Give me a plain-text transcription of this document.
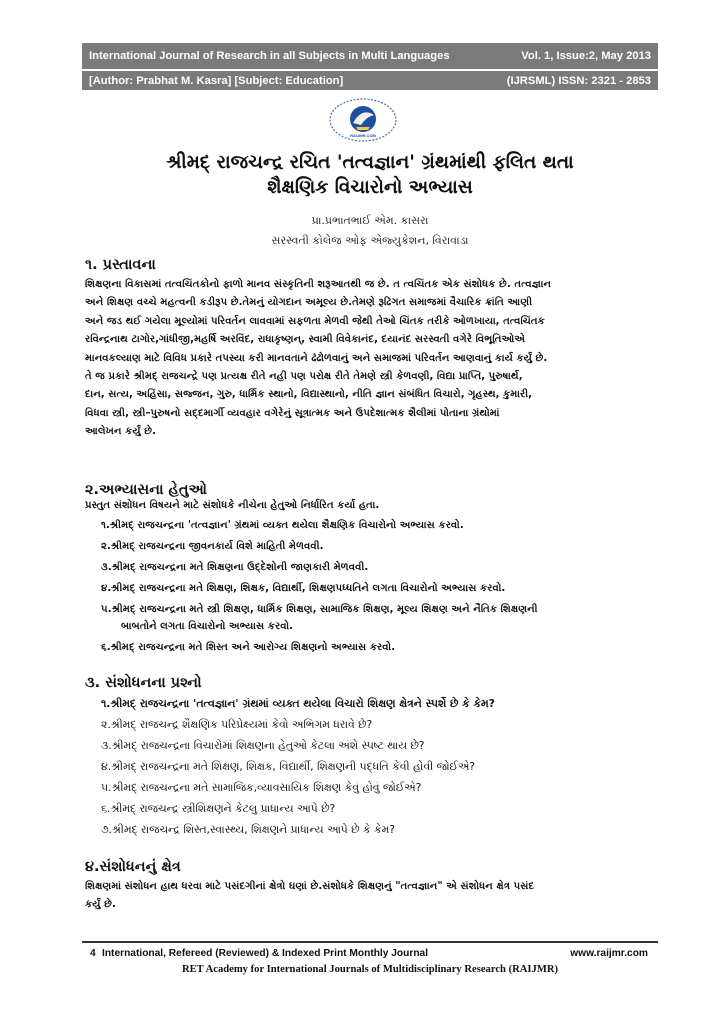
International Journal of Research in all Subjects in Multi Languages	Vol. 1, Issue:2, May 2013
[Author: Prabhat M. Kasra] [Subject: Education]	(IJRSML) ISSN: 2321 - 2853
RAIJMR.COM
શ્રીમદ્ રાજચન્દ્ર રચિત 'તત્વજ્ઞાન' ગ્રંથમાંથી ફલિત થતા
શૈક્ષણિક વિચારોનો અભ્યાસ
પ્રા.પ્રભાતભાઈ એમ. કાસરા
સરસ્વતી કોલેજ ઓફ એજ્યુકેશન, વિરાવાડા
૧. પ્રસ્તાવના
શિક્ષણના વિકાસમાં તત્વચિંતકોનો ફાળો માનવ સંસ્કૃતિની શરૂઆતથી જ છે. ત ત્વચિંતક એક સંશોધક છે. તત્વજ્ઞાન
અને શિક્ષણ વચ્ચે મહત્વની કડીરૂપ છે.તેમનું યોગદાન અમૂલ્ય છે.તેમણે રૂઢિગત સમાજમાં વૈચારિક ક્રાંતિ આણી
અને જડ થઈ ગયેલા મૂલ્યોમાં પરિવર્તન લાવવામાં સફળતા મેળવી જેથી તેઓ ચિંતક તરીકે ઓળખાયા, તત્વચિંતક
રવિન્દ્રનાથ ટાગોર,ગાંધીજી,મહર્ષિ અરવિંદ, રાધાકૃષ્ણન્, સ્વામી વિવેકાનંદ, દયાનંદ સરસ્વતી વગેરે વિભૂતિઓએ
માનવકલ્યાણ માટે વિવિધ પ્રકારે તપસ્યા કરી માનવતાને ઢંઢોળવાનું અને સમાજમાં પરિવર્તન આણવાનું કાર્ય કર્યું છે.
તે જ પ્રકારે શ્રીમદ્ રાજચન્દ્રે પણ પ્રત્યક્ષ રીતે નહી પણ પરોક્ષ રીતે તેમણે સ્ત્રી કેળવણી, વિદ્યા પ્રાપ્તિ, પુરુષાર્થ,
દાન, સત્ય, અહિંસા, સજ્જન, ગુરુ, ધાર્મિક સ્થાનો, વિદ્યાસ્થાનો, નીતિ જ્ઞાન સંબંધિત વિચારો, ગૃહસ્થ, કુમારી,
વિધવા સ્ત્રી, સ્ત્રી–પુરુષનો સદ્દમાર્ગી વ્યવહાર વગેરેનું સૂત્રાત્મક અને ઉપદેશાત્મક શૈલીમાં પોતાના ગ્રંથોમાં
આલેખન કર્યું છે.
૨.અભ્યાસના હેતુઓ
પ્રસ્તુત સંશોધન વિષયને માટે સંશોધકે નીચેના હેતુઓ નિર્ધારિત કર્યા હતા.
૧.શ્રીમદ્ રાજચન્દ્રના 'તત્વજ્ઞાન' ગ્રંથમાં વ્યક્ત થયેલા શૈક્ષણિક વિચારોનો અભ્યાસ કરવો.
૨.શ્રીમદ્ રાજચન્દ્રના જીવનકાર્ય વિશે માહિતી મેળવવી.
૩.શ્રીમદ્ રાજચન્દ્રના મતે શિક્ષણના ઉદ્દેશોની જાણકારી મેળવવી.
૪.શ્રીમદ્ રાજચન્દ્રના મતે શિક્ષણ, શિક્ષક, વિદ્યાર્થી, શિક્ષણપધ્ધતિને લગતા વિચારોનો અભ્યાસ કરવો.
૫.શ્રીમદ્ રાજચન્દ્રના મતે સ્ત્રી શિક્ષણ, ધાર્મિક શિક્ષણ, સામાજિક શિક્ષણ, મૂલ્ય શિક્ષણ અને નૈતિક શિક્ષણની
બાબતોને લગતા વિચારોનો અભ્યાસ કરવો.
૬.શ્રીમદ્ રાજચન્દ્રના મતે શિસ્ત અને આરોગ્ય શિક્ષણનો અભ્યાસ કરવો.
૩. સંશોધનના પ્રશ્નો
૧.શ્રીમદ્ રાજચન્દ્રના 'તત્વજ્ઞાન' ગ્રંથમાં વ્યક્ત થયેલા વિચારો શિક્ષણ ક્ષેત્રને સ્પર્શે છે કે કેમ?
૨.શ્રીમદ્ રાજચન્દ્ર શૈક્ષણિક પરિપ્રેક્ષ્યમાં કેવો અભિગમ ધરાવે છે?
૩.શ્રીમદ્ રાજચન્દ્રના વિચારોમાં શિક્ષણના હેતુઓ કેટલા અંશે સ્પષ્ટ થાય છે?
૪.શ્રીમદ્ રાજચન્દ્રના મતે શિક્ષણ, શિક્ષક, વિદ્યાર્થી, શિક્ષણની પદ્ધતિ કેવી હોવી જોઈએ?
૫.શ્રીમદ્ રાજચન્દ્રના મતે સામાજિક,વ્યાવસાયિક શિક્ષણ કેવું હોવું જોઈએ?
૬.શ્રીમદ્ રાજચન્દ્ર સ્ત્રીશિક્ષણને કેટલુ પ્રાધાન્ય આપે છે?
૭.શ્રીમદ્ રાજચન્દ્ર શિસ્ત,સ્વાસ્થ્ય, શિક્ષણને પ્રાધાન્ય આપે છે કે કેમ?
૪.સંશોધનનું ક્ષેત્ર
શિક્ષણમાં સંશોધન હાથ ધરવા માટે પસંદગીનાં ક્ષેત્રો ઘણાં છે.સંશોધકે શિક્ષણનું "તત્વજ્ઞાન" એ સંશોધન ક્ષેત્ર પસંદ
કર્યું છે.
4 International, Refereed (Reviewed) & Indexed Print Monthly Journal	www.raijmr.com
RET Academy for International Journals of Multidisciplinary Research (RAIJMR)
